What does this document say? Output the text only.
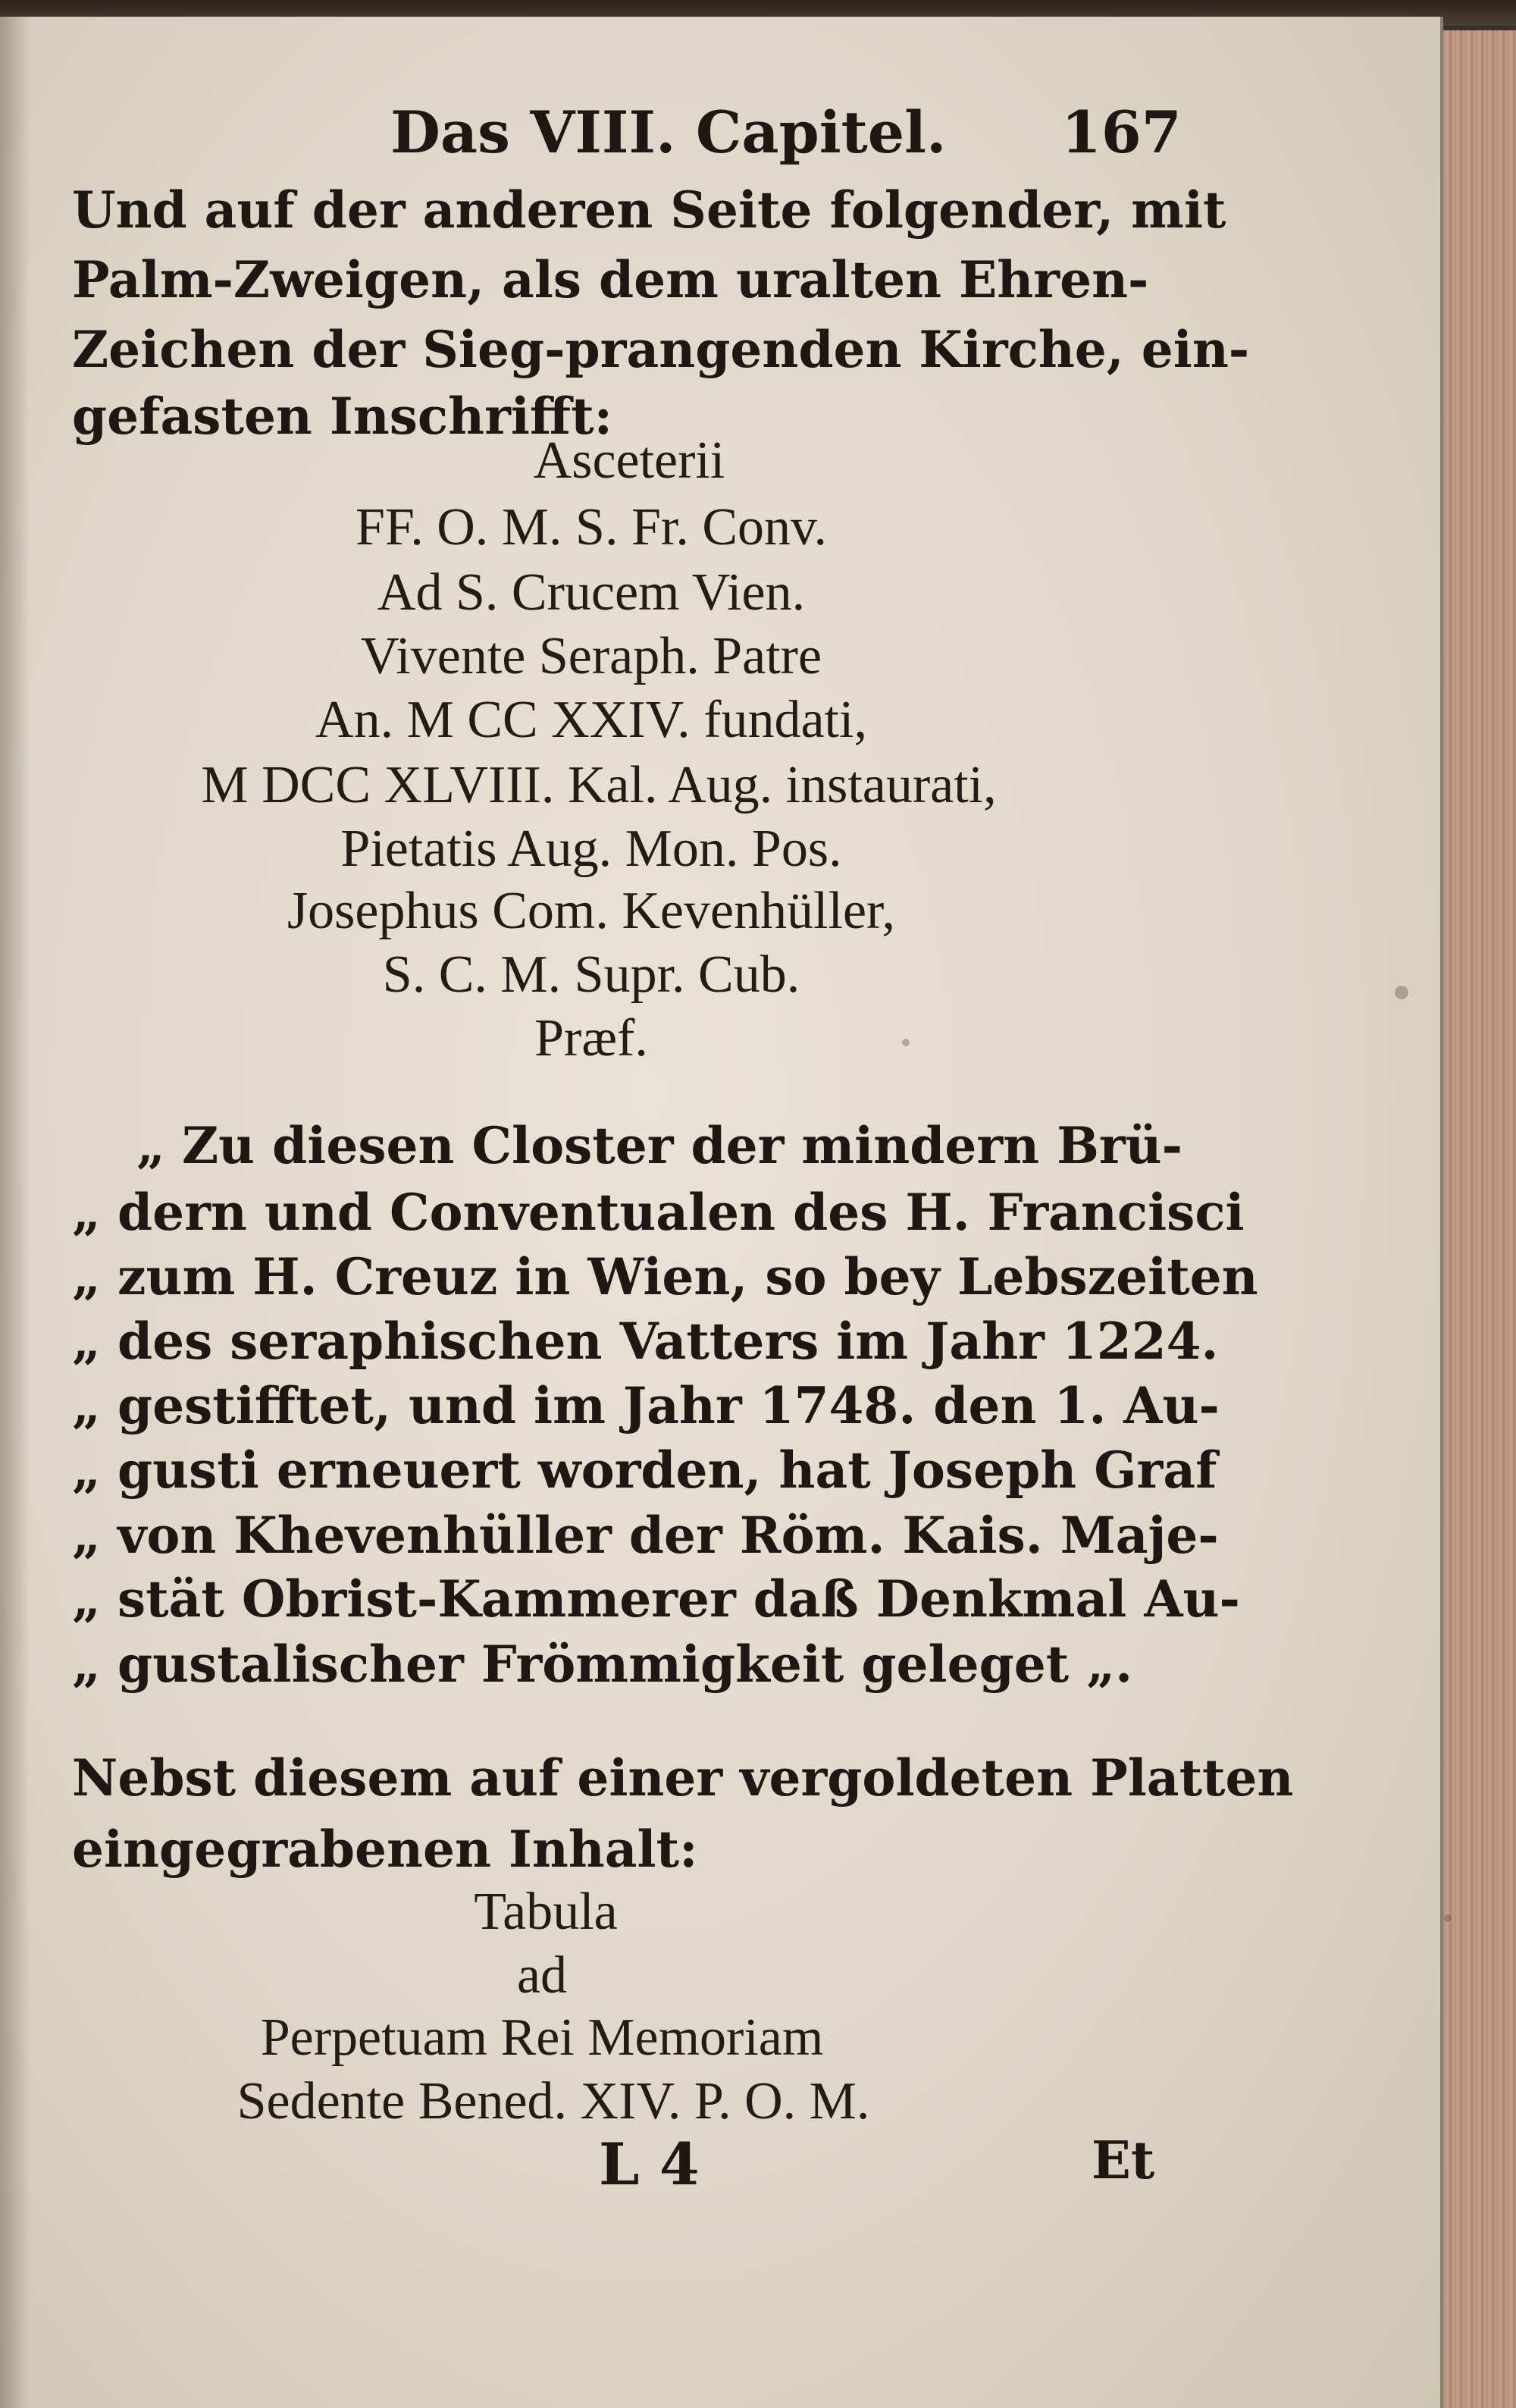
Das VIII. Capitel. 167
Und auf der anderen Seite folgender, mit
Palm-Zweigen, als dem uralten Ehren-
Zeichen der Sieg-prangenden Kirche, ein-
gefasten Inschrifft:
Asceterii
FF. O. M. S. Fr. Conv.
Ad S. Crucem Vien.
Vivente Seraph. Patre
An. M CC XXIV. fundati,
M DCC XLVIII. Kal. Aug. instaurati,
Pietatis Aug. Mon. Pos.
Josephus Com. Kevenhüller,
S. C. M. Supr. Cub.
Præf.
„ Zu diesen Closter der mindern Brü-
„ dern und Conventualen des H. Francisci
„ zum H. Creuz in Wien, so bey Lebszeiten
„ des seraphischen Vatters im Jahr 1224.
„ gestifftet, und im Jahr 1748. den 1. Au-
„ gusti erneuert worden, hat Joseph Graf
„ von Khevenhüller der Röm. Kais. Maje-
„ stät Obrist-Kammerer daß Denkmal Au-
„ gustalischer Frömmigkeit geleget „.
Nebst diesem auf einer vergoldeten Platten
eingegrabenen Inhalt:
Tabula
ad
Perpetuam Rei Memoriam
Sedente Bened. XIV. P. O. M.
L 4	Et
